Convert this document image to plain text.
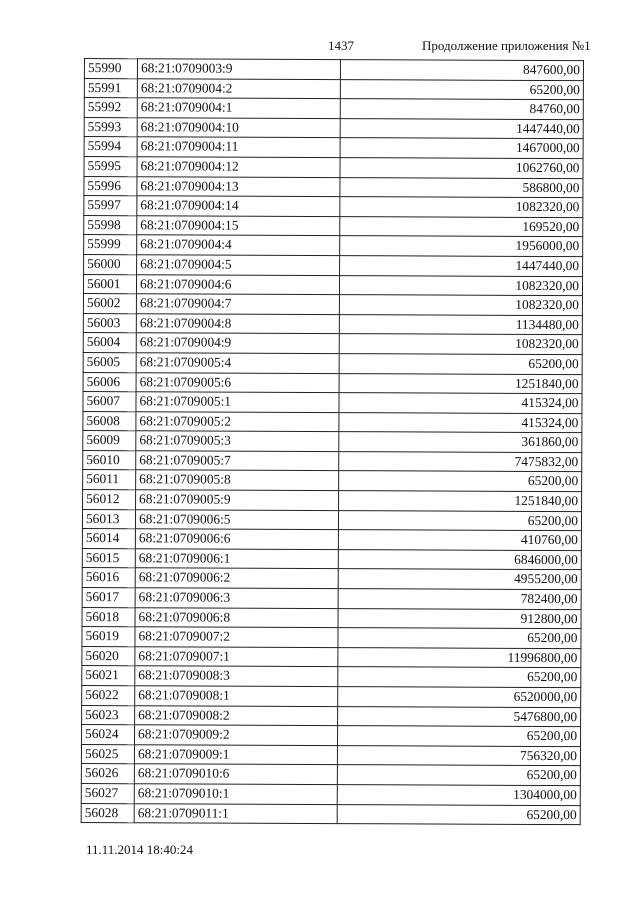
1437	Продолжение приложения №1
55990	68:21:0709003:9	847600,00
55991	68:21:0709004:2	65200,00
55992	68:21:0709004:1	84760,00
55993	68:21:0709004:10	1447440,00
55994	68:21:0709004:11	1467000,00
55995	68:21:0709004:12	1062760,00
55996	68:21:0709004:13	586800,00
55997	68:21:0709004:14	1082320,00
55998	68:21:0709004:15	169520,00
55999	68:21:0709004:4	1956000,00
56000	68:21:0709004:5	1447440,00
56001	68:21:0709004:6	1082320,00
56002	68:21:0709004:7	1082320,00
56003	68:21:0709004:8	1134480,00
56004	68:21:0709004:9	1082320,00
56005	68:21:0709005:4	65200,00
56006	68:21:0709005:6	1251840,00
56007	68:21:0709005:1	415324,00
56008	68:21:0709005:2	415324,00
56009	68:21:0709005:3	361860,00
56010	68:21:0709005:7	7475832,00
56011	68:21:0709005:8	65200,00
56012	68:21:0709005:9	1251840,00
56013	68:21:0709006:5	65200,00
56014	68:21:0709006:6	410760,00
56015	68:21:0709006:1	6846000,00
56016	68:21:0709006:2	4955200,00
56017	68:21:0709006:3	782400,00
56018	68:21:0709006:8	912800,00
56019	68:21:0709007:2	65200,00
56020	68:21:0709007:1	11996800,00
56021	68:21:0709008:3	65200,00
56022	68:21:0709008:1	6520000,00
56023	68:21:0709008:2	5476800,00
56024	68:21:0709009:2	65200,00
56025	68:21:0709009:1	756320,00
56026	68:21:0709010:6	65200,00
56027	68:21:0709010:1	1304000,00
56028	68:21:0709011:1	65200,00
11.11.2014 18:40:24
